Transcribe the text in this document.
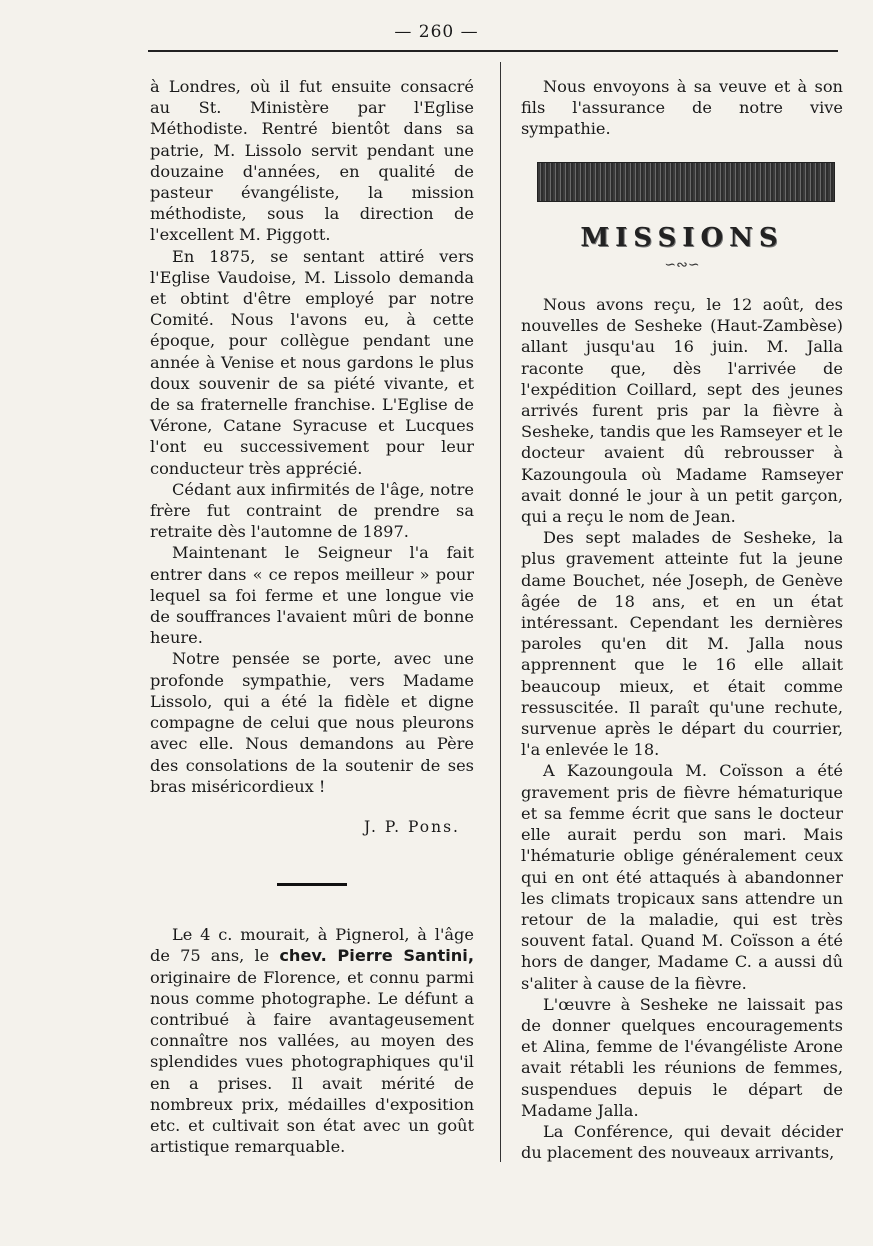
— 260 —

à Londres, où il fut ensuite consacré au St. Ministère par l'Eglise Méthodiste. Rentré bientôt dans sa patrie, M. Lissolo servit pendant une douzaine d'années, en qualité de pasteur évangéliste, la mission méthodiste, sous la direction de l'excellent M. Piggott.

En 1875, se sentant attiré vers l'Eglise Vaudoise, M. Lissolo demanda et obtint d'être employé par notre Comité. Nous l'avons eu, à cette époque, pour collègue pendant une année à Venise et nous gardons le plus doux souvenir de sa piété vivante, et de sa fraternelle franchise. L'Eglise de Vérone, Catane Syracuse et Lucques l'ont eu successivement pour leur conducteur très apprécié.

Cédant aux infirmités de l'âge, notre frère fut contraint de prendre sa retraite dès l'automne de 1897.

Maintenant le Seigneur l'a fait entrer dans « ce repos meilleur » pour lequel sa foi ferme et une longue vie de souffrances l'avaient mûri de bonne heure.

Notre pensée se porte, avec une profonde sympathie, vers Madame Lissolo, qui a été la fidèle et digne compagne de celui que nous pleurons avec elle. Nous demandons au Père des consolations de la soutenir de ses bras miséricordieux !

J. P. Pons.

Le 4 c. mourait, à Pignerol, à l'âge de 75 ans, le chev. Pierre Santini, originaire de Florence, et connu parmi nous comme photographe. Le défunt a contribué à faire avantageusement connaître nos vallées, au moyen des splendides vues photographiques qu'il en a prises. Il avait mérité de nombreux prix, médailles d'exposition etc. et cultivait son état avec un goût artistique remarquable.

Nous envoyons à sa veuve et à son fils l'assurance de notre vive sympathie.

MISSIONS
∽∾∽

Nous avons reçu, le 12 août, des nouvelles de Sesheke (Haut-Zambèse) allant jusqu'au 16 juin. M. Jalla raconte que, dès l'arrivée de l'expédition Coillard, sept des jeunes arrivés furent pris par la fièvre à Sesheke, tandis que les Ramseyer et le docteur avaient dû rebrousser à Kazoungoula où Madame Ramseyer avait donné le jour à un petit garçon, qui a reçu le nom de Jean.

Des sept malades de Sesheke, la plus gravement atteinte fut la jeune dame Bouchet, née Joseph, de Genève âgée de 18 ans, et en un état intéressant. Cependant les dernières paroles qu'en dit M. Jalla nous apprennent que le 16 elle allait beaucoup mieux, et était comme ressuscitée. Il paraît qu'une rechute, survenue après le départ du courrier, l'a enlevée le 18.

A Kazoungoula M. Coïsson a été gravement pris de fièvre hématurique et sa femme écrit que sans le docteur elle aurait perdu son mari. Mais l'hématurie oblige généralement ceux qui en ont été attaqués à abandonner les climats tropicaux sans attendre un retour de la maladie, qui est très souvent fatal. Quand M. Coïsson a été hors de danger, Madame C. a aussi dû s'aliter à cause de la fièvre.

L'œuvre à Sesheke ne laissait pas de donner quelques encouragements et Alina, femme de l'évangéliste Arone avait rétabli les réunions de femmes, suspendues depuis le départ de Madame Jalla.

La Conférence, qui devait décider du placement des nouveaux arrivants,
